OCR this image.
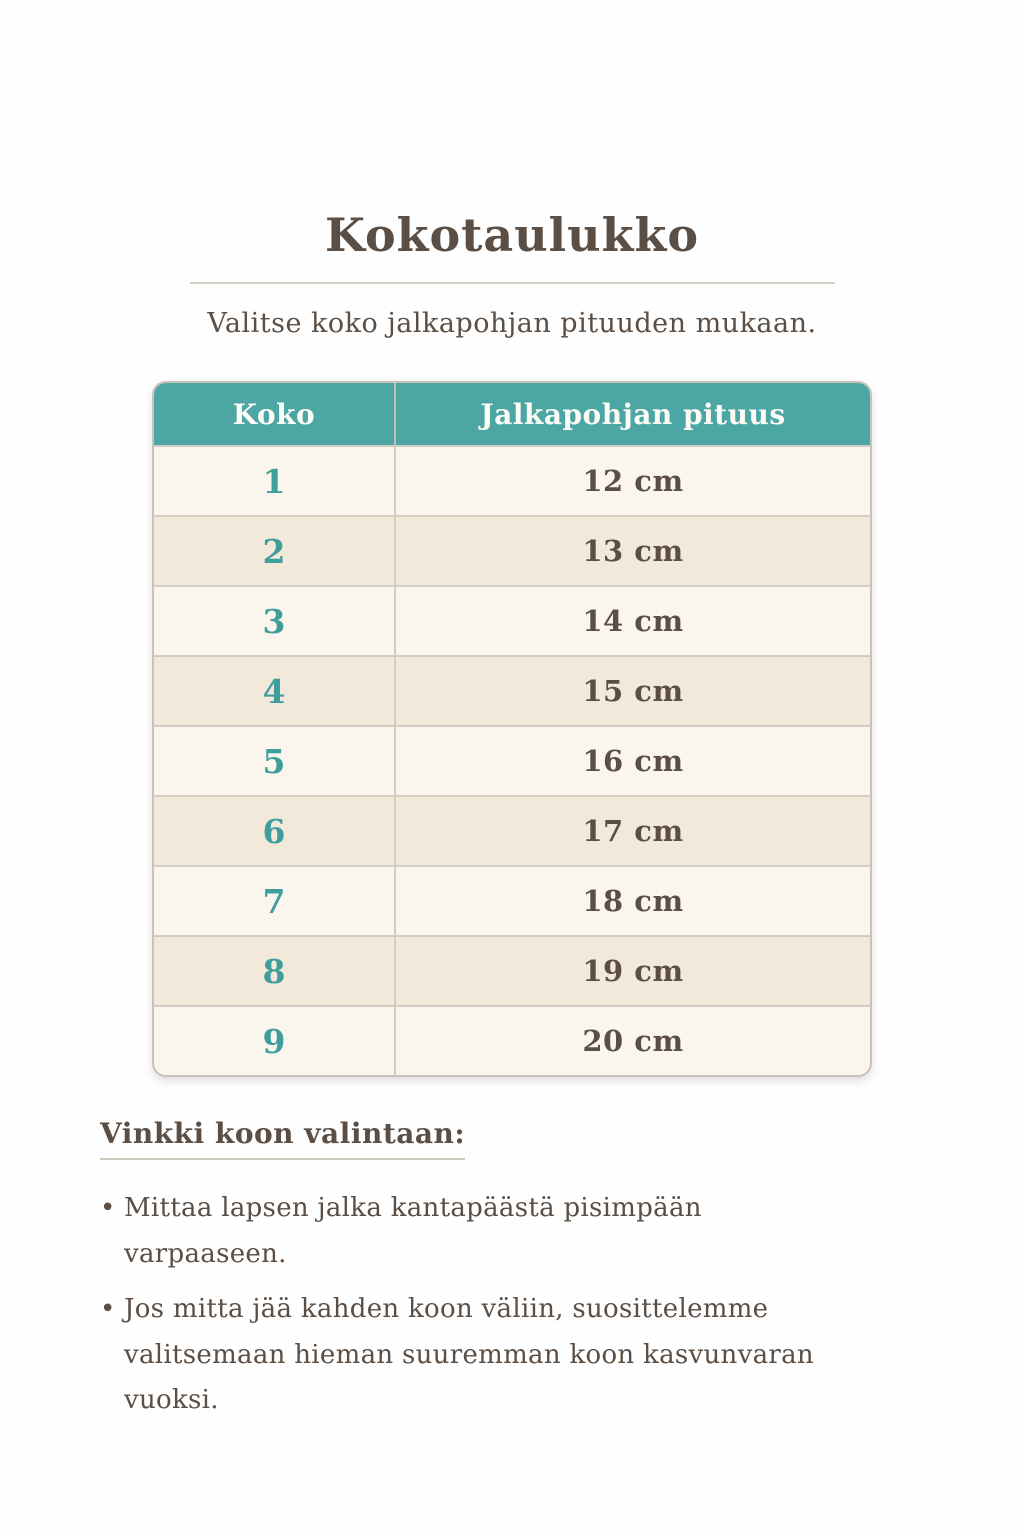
Kokotaulukko

Valitse koko jalkapohjan pituuden mukaan.

Koko	Jalkapohjan pituus
1	12 cm
2	13 cm
3	14 cm
4	15 cm
5	16 cm
6	17 cm
7	18 cm
8	19 cm
9	20 cm
Vinkki koon valintaan:
• Mittaa lapsen jalka kantapäästä pisimpään varpaaseen.
• Jos mitta jää kahden koon väliin, suosittelemme valitsemaan hieman suuremman koon kasvunvaran vuoksi.
